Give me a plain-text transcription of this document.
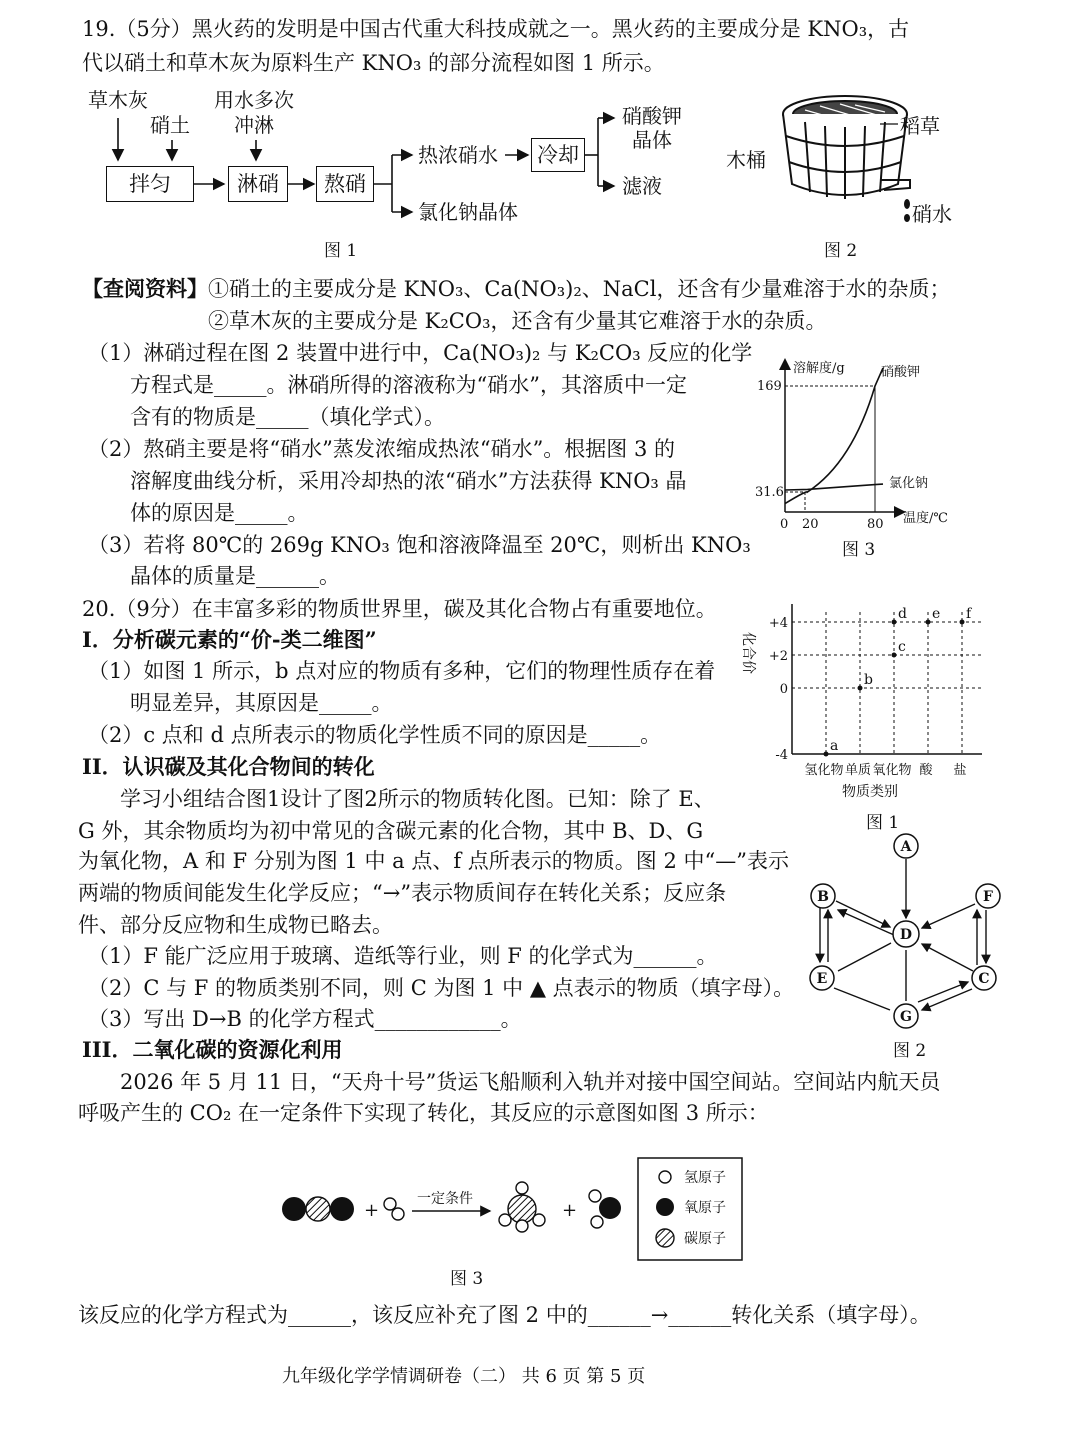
19.（5分）黑火药的发明是中国古代重大科技成就之一。黑火药的主要成分是 KNO₃，古
代以硝土和草木灰为原料生产 KNO₃ 的部分流程如图 1 所示。
草木灰
硝土
用水多次
冲淋
拌匀	淋硝	熬硝
热浓硝水 冷却
硝酸钾
晶体
滤液
氯化钠晶体
图 1
稻草
木桶
硝水
图 2
【查阅资料】 ①硝土的主要成分是 KNO₃、Ca(NO₃)₂、NaCl，还含有少量难溶于水的杂质；
②草木灰的主要成分是 K₂CO₃，还含有少量其它难溶于水的杂质。
（1）淋硝过程在图 2 装置中进行中，Ca(NO₃)₂ 与 K₂CO₃ 反应的化学
方程式是_____。淋硝所得的溶液称为“硝水”，其溶质中一定
含有的物质是_____（填化学式）。
（2）熬硝主要是将“硝水”蒸发浓缩成热浓“硝水”。根据图 3 的
溶解度曲线分析，采用冷却热的浓“硝水”方法获得 KNO₃ 晶
体的原因是_____。
（3）若将 80℃的 269g KNO₃ 饱和溶液降温至 20℃，则析出 KNO₃
晶体的质量是______。
溶解度/g
温度/℃
169
31.6
0 20	80
硝酸钾
氯化钠
图 3
20.（9分）在丰富多彩的物质世界里，碳及其化合物占有重要地位。
I．分析碳元素的“价-类二维图”
（1）如图 1 所示，b 点对应的物质有多种，它们的物理性质存在着
明显差异，其原因是_____。
（2）c 点和 d 点所表示的物质化学性质不同的原因是_____。
II．认识碳及其化合物间的转化
学习小组结合图1设计了图2所示的物质转化图。已知：除了 E、
G 外，其余物质均为初中常见的含碳元素的化合物，其中 B、D、G
为氧化物，A 和 F 分别为图 1 中 a 点、f 点所表示的物质。图 2 中“—”表示
两端的物质间能发生化学反应；“→”表示物质间存在转化关系；反应条
件、部分反应物和生成物已略去。
（1）F 能广泛应用于玻璃、造纸等行业，则 F 的化学式为______。
（2）C 与 F 的物质类别不同，则 C 为图 1 中 ▲ 点表示的物质（填字母）。
（3）写出 D→B 的化学方程式____________。
III．二氧化碳的资源化利用
2026 年 5 月 11 日，“天舟十号”货运飞船顺利入轨并对接中国空间站。空间站内航天员
呼吸产生的 CO₂ 在一定条件下实现了转化，其反应的示意图如图 3 所示：
化合价
+4
+2
0
-4
氢化物 单质 氧化物 酸 盐
a
b
c
d e f
物质类别
图 1
A
B	F
D
E	C
G
图 2
+
一定条件
+
氢原子
氧原子
碳原子
图 3
该反应的化学方程式为______，该反应补充了图 2 中的______→______转化关系（填字母）。
九年级化学学情调研卷（二） 共 6 页 第 5 页
